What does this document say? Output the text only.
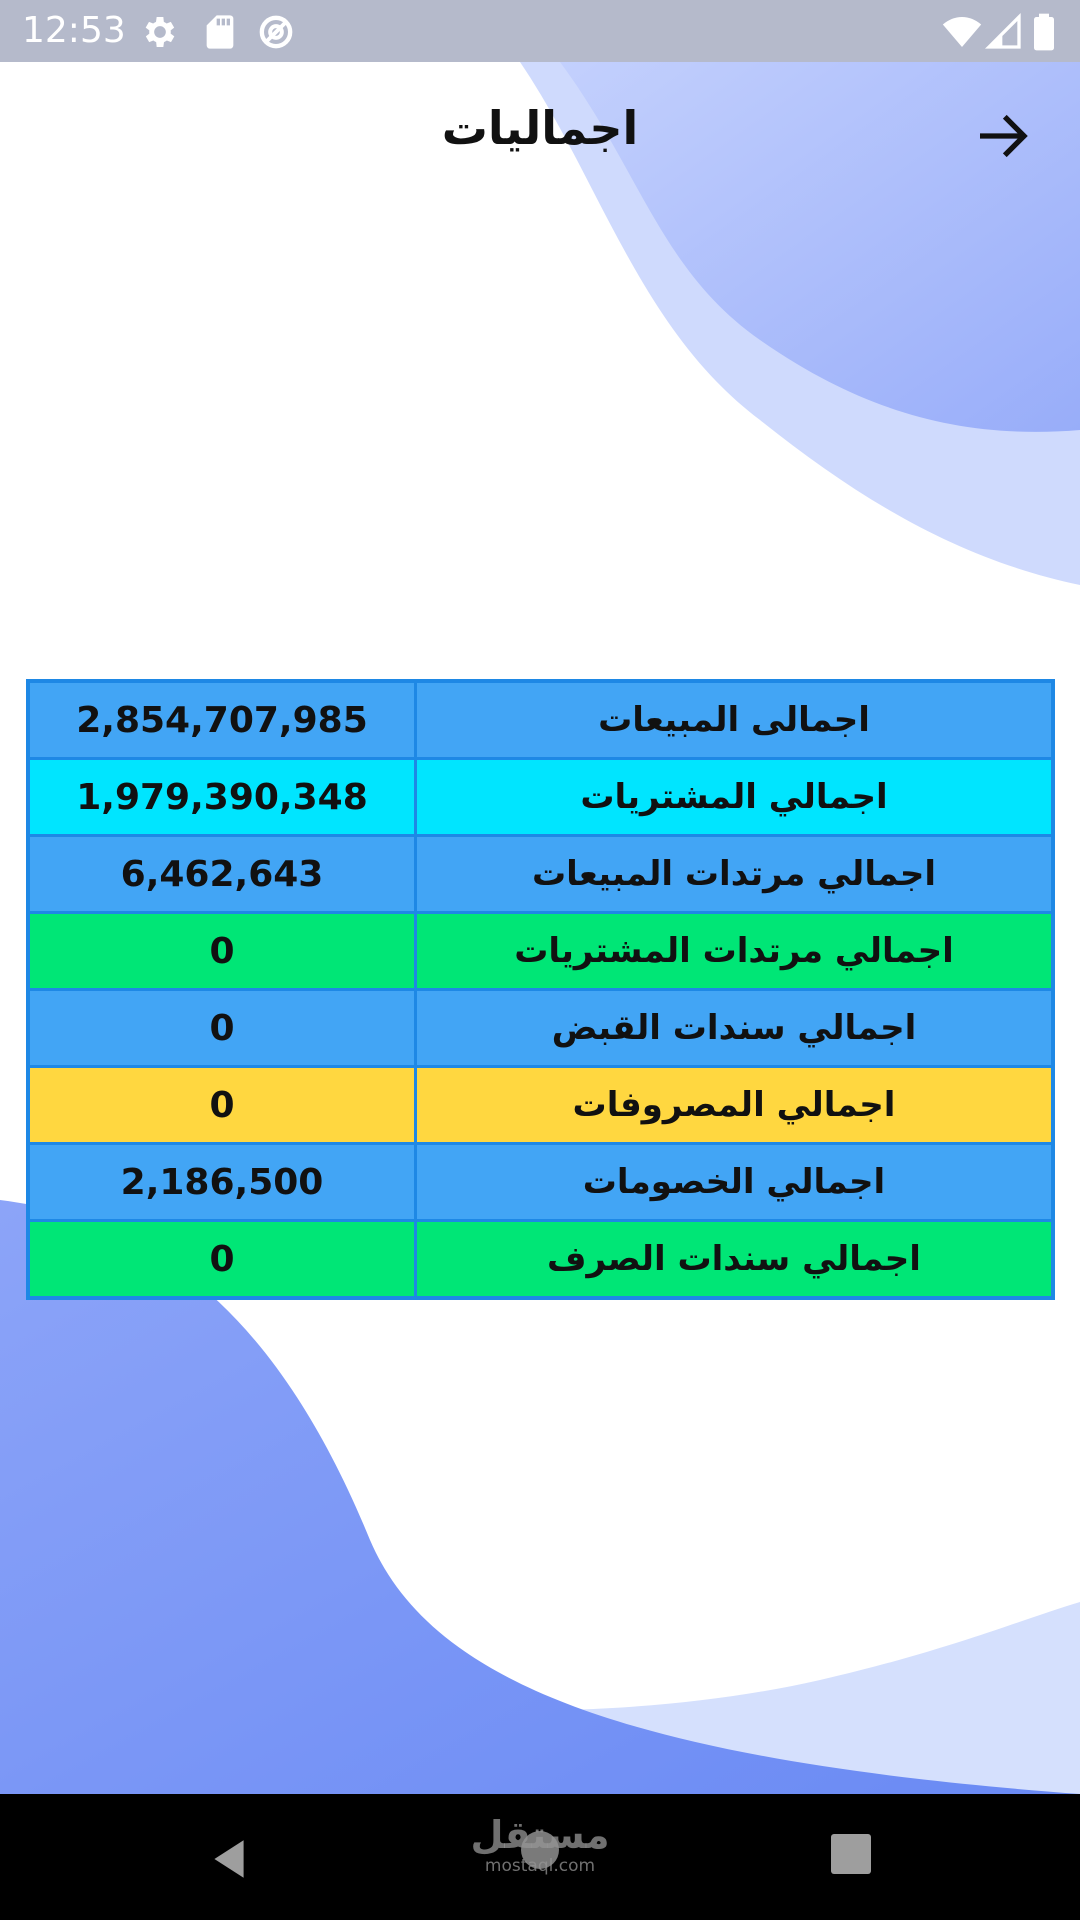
12:53
اجماليات
2,854,707,985	اجمالى المبيعات
1,979,390,348	اجمالي المشتريات
6,462,643	اجمالي مرتدات المبيعات
0	اجمالي مرتدات المشتريات
0	اجمالي سندات القبض
0	اجمالي المصروفات
2,186,500	اجمالي الخصومات
0	اجمالي سندات الصرف
مستقل
mostaql.com
